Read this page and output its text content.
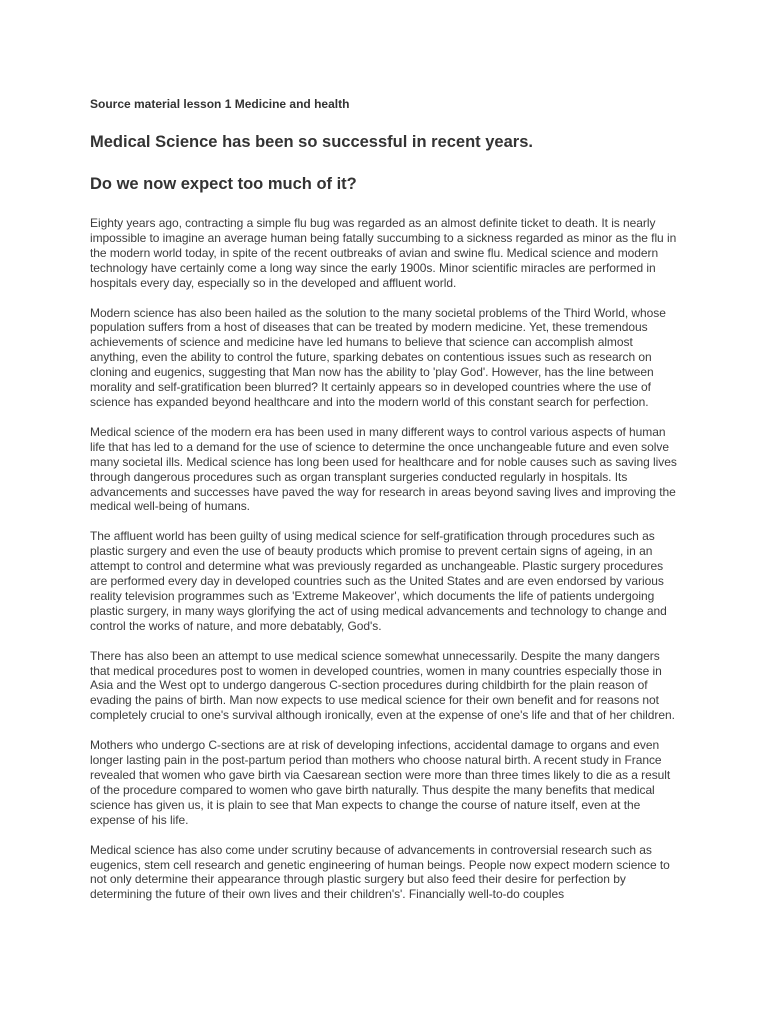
Source material lesson 1 Medicine and health

Medical Science has been so successful in recent years.
Do we now expect too much of it?

Eighty years ago, contracting a simple flu bug was regarded as an almost definite ticket to death. It is nearly impossible to imagine an average human being fatally succumbing to a sickness regarded as minor as the flu in the modern world today, in spite of the recent outbreaks of avian and swine flu. Medical science and modern technology have certainly come a long way since the early 1900s. Minor scientific miracles are performed in hospitals every day, especially so in the developed and affluent world.

Modern science has also been hailed as the solution to the many societal problems of the Third World, whose population suffers from a host of diseases that can be treated by modern medicine. Yet, these tremendous achievements of science and medicine have led humans to believe that science can accomplish almost anything, even the ability to control the future, sparking debates on contentious issues such as research on cloning and eugenics, suggesting that Man now has the ability to 'play God'. However, has the line between morality and self-gratification been blurred? It certainly appears so in developed countries where the use of science has expanded beyond healthcare and into the modern world of this constant search for perfection.

Medical science of the modern era has been used in many different ways to control various aspects of human life that has led to a demand for the use of science to determine the once unchangeable future and even solve many societal ills. Medical science has long been used for healthcare and for noble causes such as saving lives through dangerous procedures such as organ transplant surgeries conducted regularly in hospitals. Its advancements and successes have paved the way for research in areas beyond saving lives and improving the medical well-being of humans.

The affluent world has been guilty of using medical science for self-gratification through procedures such as plastic surgery and even the use of beauty products which promise to prevent certain signs of ageing, in an attempt to control and determine what was previously regarded as unchangeable. Plastic surgery procedures are performed every day in developed countries such as the United States and are even endorsed by various reality television programmes such as 'Extreme Makeover', which documents the life of patients undergoing plastic surgery, in many ways glorifying the act of using medical advancements and technology to change and control the works of nature, and more debatably, God's.

There has also been an attempt to use medical science somewhat unnecessarily. Despite the many dangers that medical procedures post to women in developed countries, women in many countries especially those in Asia and the West opt to undergo dangerous C-section procedures during childbirth for the plain reason of evading the pains of birth. Man now expects to use medical science for their own benefit and for reasons not completely crucial to one's survival although ironically, even at the expense of one's life and that of her children.

Mothers who undergo C-sections are at risk of developing infections, accidental damage to organs and even longer lasting pain in the post-partum period than mothers who choose natural birth. A recent study in France revealed that women who gave birth via Caesarean section were more than three times likely to die as a result of the procedure compared to women who gave birth naturally. Thus despite the many benefits that medical science has given us, it is plain to see that Man expects to change the course of nature itself, even at the expense of his life.

Medical science has also come under scrutiny because of advancements in controversial research such as eugenics, stem cell research and genetic engineering of human beings. People now expect modern science to not only determine their appearance through plastic surgery but also feed their desire for perfection by determining the future of their own lives and their children's'. Financially well-to-do couples
